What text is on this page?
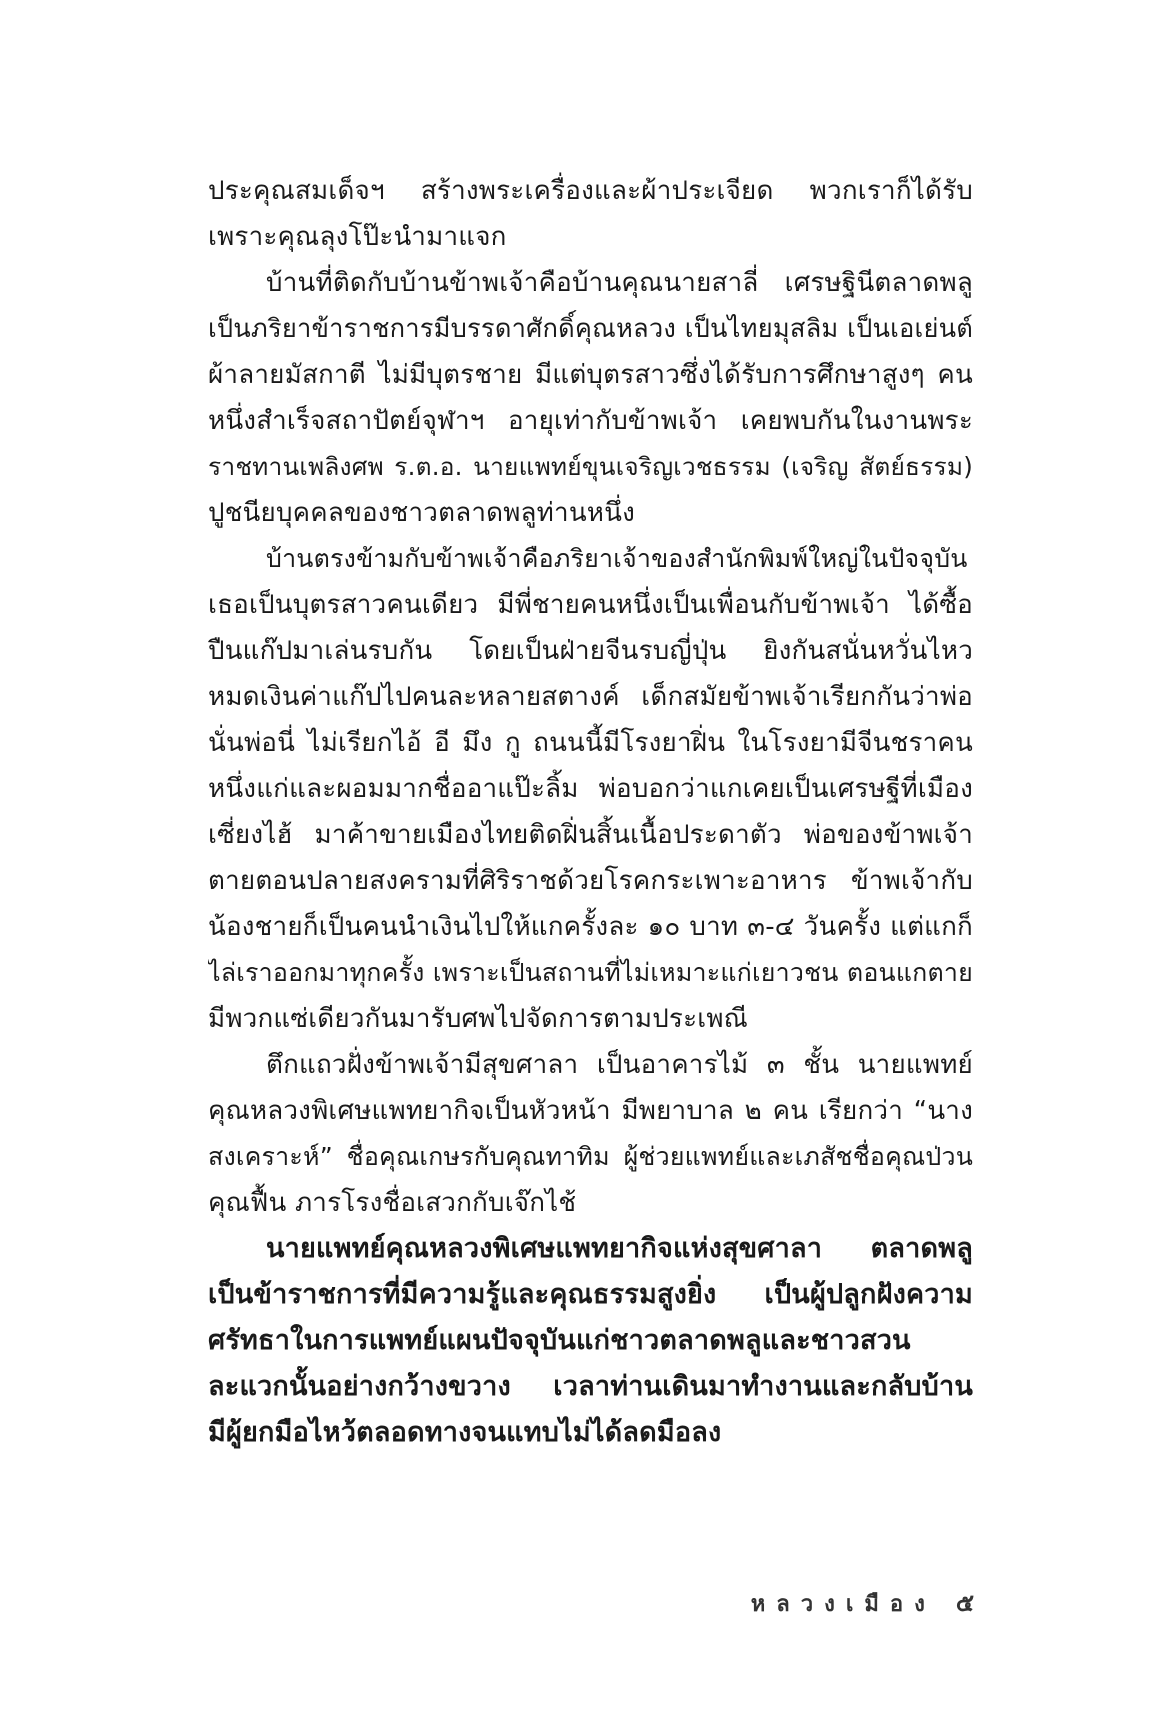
ประคุณสมเด็จฯ สร้างพระเครื่องและผ้าประเจียด พวกเราก็ได้รับ
เพราะคุณลุงโป๊ะนำมาแจก
บ้านที่ติดกับบ้านข้าพเจ้าคือบ้านคุณนายสาลี่ เศรษฐินีตลาดพลู
เป็นภริยาข้าราชการมีบรรดาศักดิ์คุณหลวง เป็นไทยมุสลิม เป็นเอเย่นต์
ผ้าลายมัสกาตี ไม่มีบุตรชาย มีแต่บุตรสาวซึ่งได้รับการศึกษาสูงๆ คน
หนึ่งสำเร็จสถาปัตย์จุฬาฯ อายุเท่ากับข้าพเจ้า เคยพบกันในงานพระ
ราชทานเพลิงศพ ร.ต.อ. นายแพทย์ขุนเจริญเวชธรรม (เจริญ สัตย์ธรรม)
ปูชนียบุคคลของชาวตลาดพลูท่านหนึ่ง
บ้านตรงข้ามกับข้าพเจ้าคือภริยาเจ้าของสำนักพิมพ์ใหญ่ในปัจจุบัน
เธอเป็นบุตรสาวคนเดียว มีพี่ชายคนหนึ่งเป็นเพื่อนกับข้าพเจ้า ได้ซื้อ
ปืนแก๊ปมาเล่นรบกัน โดยเป็นฝ่ายจีนรบญี่ปุ่น ยิงกันสนั่นหวั่นไหว
หมดเงินค่าแก๊ปไปคนละหลายสตางค์ เด็กสมัยข้าพเจ้าเรียกกันว่าพ่อ
นั่นพ่อนี่ ไม่เรียกไอ้ อี มึง กู ถนนนี้มีโรงยาฝิ่น ในโรงยามีจีนชราคน
หนึ่งแก่และผอมมากชื่ออาแป๊ะลิ้ม พ่อบอกว่าแกเคยเป็นเศรษฐีที่เมือง
เซี่ยงไฮ้ มาค้าขายเมืองไทยติดฝิ่นสิ้นเนื้อประดาตัว พ่อของข้าพเจ้า
ตายตอนปลายสงครามที่ศิริราชด้วยโรคกระเพาะอาหาร ข้าพเจ้ากับ
น้องชายก็เป็นคนนำเงินไปให้แกครั้งละ ๑๐ บาท ๓-๔ วันครั้ง แต่แกก็
ไล่เราออกมาทุกครั้ง เพราะเป็นสถานที่ไม่เหมาะแก่เยาวชน ตอนแกตาย
มีพวกแซ่เดียวกันมารับศพไปจัดการตามประเพณี
ตึกแถวฝั่งข้าพเจ้ามีสุขศาลา เป็นอาคารไม้ ๓ ชั้น นายแพทย์
คุณหลวงพิเศษแพทยากิจเป็นหัวหน้า มีพยาบาล ๒ คน เรียกว่า “นาง
สงเคราะห์” ชื่อคุณเกษรกับคุณทาทิม ผู้ช่วยแพทย์และเภสัชชื่อคุณป่วน
คุณฟื้น ภารโรงชื่อเสวกกับเจ๊กไช้
นายแพทย์คุณหลวงพิเศษแพทยากิจแห่งสุขศาลา ตลาดพลู
เป็นข้าราชการที่มีความรู้และคุณธรรมสูงยิ่ง เป็นผู้ปลูกฝังความ
ศรัทธาในการแพทย์แผนปัจจุบันแก่ชาวตลาดพลูและชาวสวน
ละแวกนั้นอย่างกว้างขวาง เวลาท่านเดินมาทำงานและกลับบ้าน
มีผู้ยกมือไหว้ตลอดทางจนแทบไม่ได้ลดมือลง
หลวงเมือง ๕
